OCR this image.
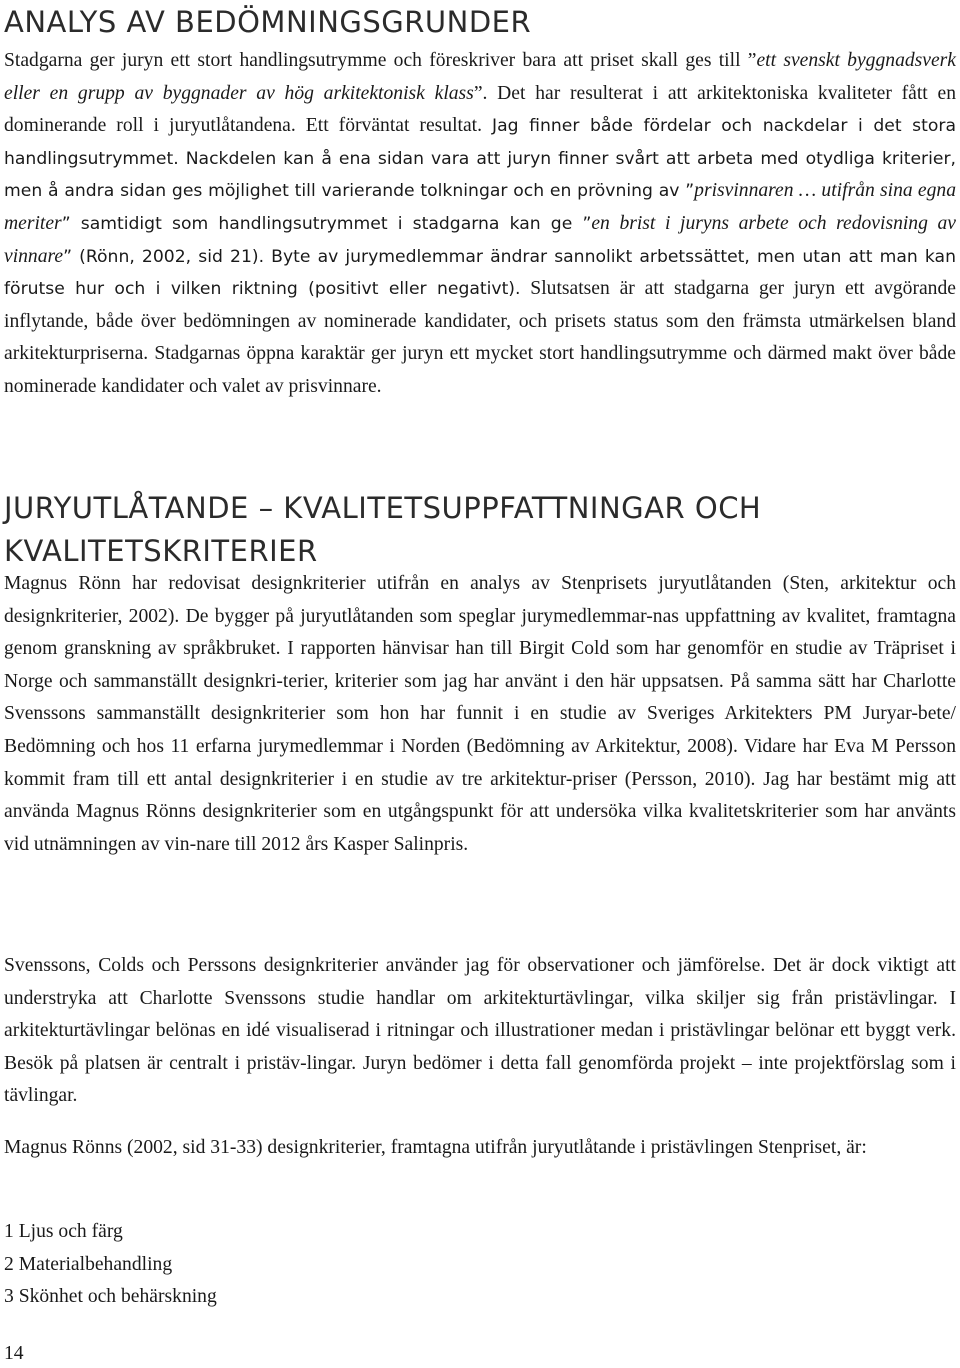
ANALYS AV BEDÖMNINGSGRUNDER

Stadgarna ger juryn ett stort handlingsutrymme och föreskriver bara att priset skall ges till ”ett svenskt byggnadsverk eller en grupp av byggnader av hög arkitektonisk klass”. Det har resulterat i att arkitektoniska kvaliteter fått en dominerande roll i juryutlåtandena. Ett förväntat resultat. Jag finner både fördelar och nackdelar i det stora handlingsutrymmet. Nackdelen kan å ena sidan vara att juryn finner svårt att arbeta med otydliga kriterier, men å andra sidan ges möjlighet till varierande tolkningar och en prövning av ”prisvinnaren … utifrån sina egna meriter” samtidigt som handlingsutrymmet i stadgarna kan ge ”en brist i juryns arbete och redovisning av vinnare” (Rönn, 2002, sid 21). Byte av jurymedlemmar ändrar sannolikt arbetssättet, men utan att man kan förutse hur och i vilken riktning (positivt eller negativt). Slutsatsen är att stadgarna ger juryn ett avgörande inflytande, både över bedömningen av nominerade kandidater, och prisets status som den främsta utmärkelsen bland arkitekturpriserna. Stadgarnas öppna karaktär ger juryn ett mycket stort handlingsutrymme och därmed makt över både nominerade kandidater och valet av prisvinnare.

JURYUTLÅTANDE – KVALITETSUPPFATTNINGAR OCH KVALITETSKRITERIER

Magnus Rönn har redovisat designkriterier utifrån en analys av Stenprisets juryutlåtanden (Sten, arkitektur och designkriterier, 2002). De bygger på juryutlåtanden som speglar jurymedlemmar-nas uppfattning av kvalitet, framtagna genom granskning av språkbruket. I rapporten hänvisar han till Birgit Cold som har genomför en studie av Träpriset i Norge och sammanställt designkri-terier, kriterier som jag har använt i den här uppsatsen. På samma sätt har Charlotte Svenssons sammanställt designkriterier som hon har funnit i en studie av Sveriges Arkitekters PM Juryar-bete/ Bedömning och hos 11 erfarna jurymedlemmar i Norden (Bedömning av Arkitektur, 2008). Vidare har Eva M Persson kommit fram till ett antal designkriterier i en studie av tre arkitektur-priser (Persson, 2010). Jag har bestämt mig att använda Magnus Rönns designkriterier som en utgångspunkt för att undersöka vilka kvalitetskriterier som har använts vid utnämningen av vin-nare till 2012 års Kasper Salinpris.

Svenssons, Colds och Perssons designkriterier använder jag för observationer och jämförelse. Det är dock viktigt att understryka att Charlotte Svenssons studie handlar om arkitekturtävlingar, vilka skiljer sig från pristävlingar. I arkitekturtävlingar belönas en idé visualiserad i ritningar och illustrationer medan i pristävlingar belönar ett byggt verk. Besök på platsen är centralt i pristäv-lingar. Juryn bedömer i detta fall genomförda projekt – inte projektförslag som i tävlingar.

Magnus Rönns (2002, sid 31-33) designkriterier, framtagna utifrån juryutlåtande i pristävlingen Stenpriset, är:

1 Ljus och färg
2 Materialbehandling
3 Skönhet och behärskning
14
